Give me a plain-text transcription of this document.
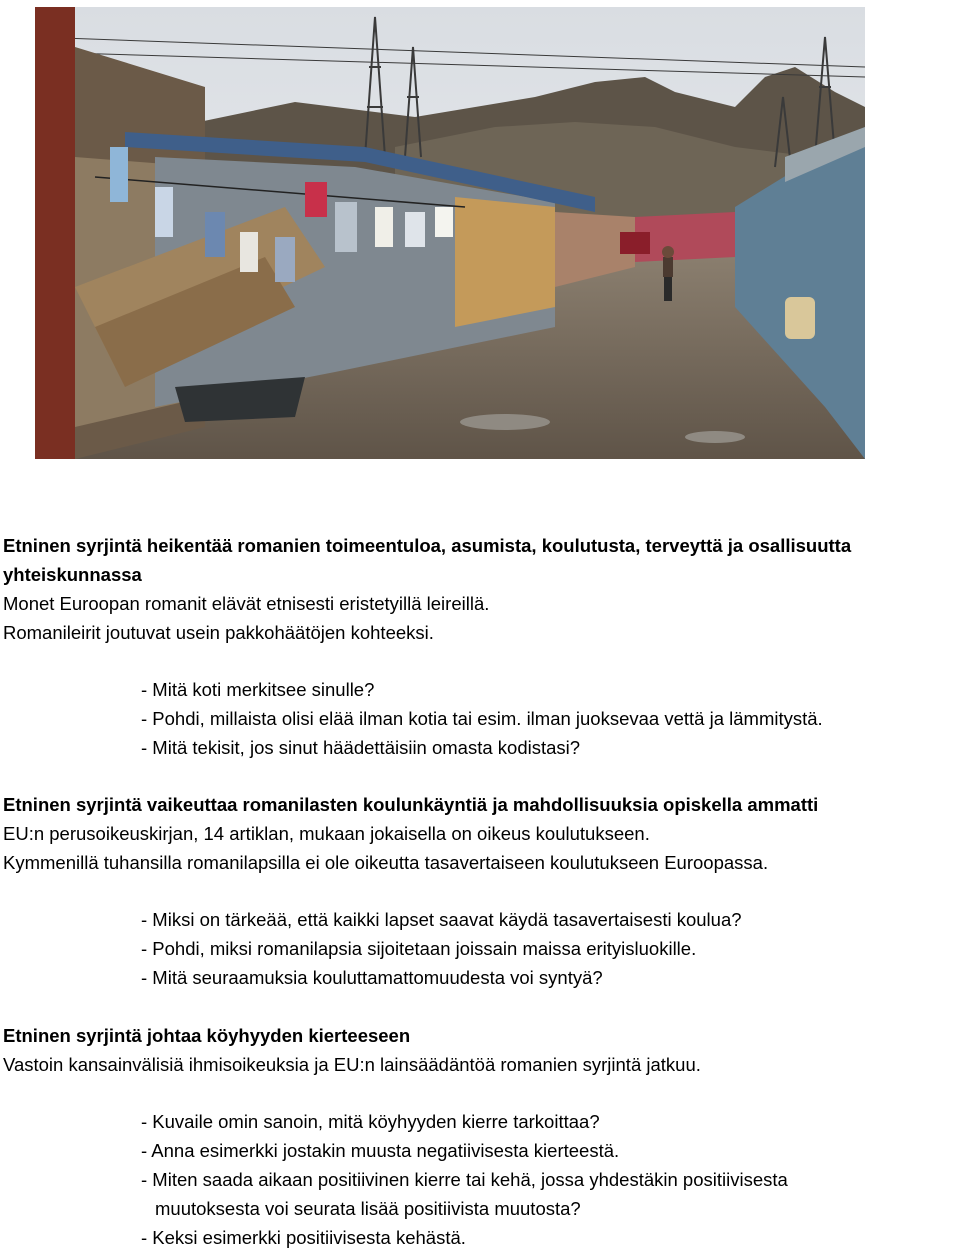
Etninen syrjintä heikentää romanien toimeentuloa, asumista, koulutusta, terveyttä ja osallisuutta

yhteiskunnassa

Monet Euroopan romanit elävät etnisesti eristetyillä leireillä.

Romanileirit joutuvat usein pakkohäätöjen kohteeksi.

- Mitä koti merkitsee sinulle?

- Pohdi, millaista olisi elää ilman kotia tai esim. ilman juoksevaa vettä ja lämmitystä.

- Mitä tekisit, jos sinut häädettäisiin omasta kodistasi?

Etninen syrjintä vaikeuttaa romanilasten koulunkäyntiä ja mahdollisuuksia opiskella ammatti

EU:n perusoikeuskirjan, 14 artiklan, mukaan jokaisella on oikeus koulutukseen.

Kymmenillä tuhansilla romanilapsilla ei ole oikeutta tasavertaiseen koulutukseen Euroopassa.

- Miksi on tärkeää, että kaikki lapset saavat käydä tasavertaisesti koulua?

- Pohdi, miksi romanilapsia sijoitetaan joissain maissa erityisluokille.

- Mitä seuraamuksia kouluttamattomuudesta voi syntyä?

Etninen syrjintä johtaa köyhyyden kierteeseen

Vastoin kansainvälisiä ihmisoikeuksia ja EU:n lainsäädäntöä romanien syrjintä jatkuu.

- Kuvaile omin sanoin, mitä köyhyyden kierre tarkoittaa?

- Anna esimerkki jostakin muusta negatiivisesta kierteestä.

- Miten saada aikaan positiivinen kierre tai kehä, jossa yhdestäkin positiivisesta

muutoksesta voi seurata lisää positiivista muutosta?

- Keksi esimerkki positiivisesta kehästä.
